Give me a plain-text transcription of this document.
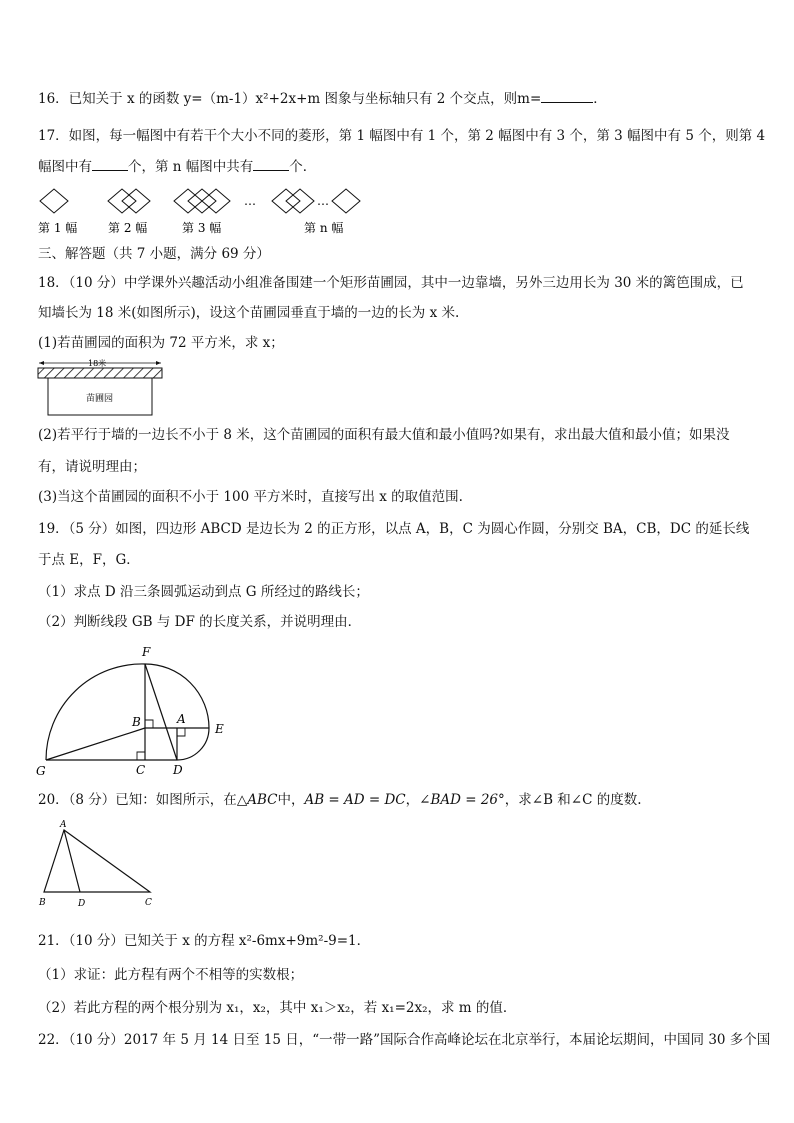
16．已知关于 x 的函数 y=（m-1）x²+2x+m 图象与坐标轴只有 2 个交点，则m=	．
17．如图，每一幅图中有若干个大小不同的菱形，第 1 幅图中有 1 个，第 2 幅图中有 3 个，第 3 幅图中有 5 个，则第 4
幅图中有	个，第 n 幅图中共有	个．
第 1 幅	第 2 幅	第 3 幅	第 n 幅
…	…
三、解答题（共 7 小题，满分 69 分）
18．（10 分）中学课外兴趣活动小组准备围建一个矩形苗圃园，其中一边靠墙，另外三边用长为 30 米的篱笆围成，已
知墙长为 18 米(如图所示)，设这个苗圃园垂直于墙的一边的长为 x 米.
(1)若苗圃园的面积为 72 平方米，求 x；
18米
苗圃园
(2)若平行于墙的一边长不小于 8 米，这个苗圃园的面积有最大值和最小值吗?如果有，求出最大值和最小值；如果没
有，请说明理由；
(3)当这个苗圃园的面积不小于 100 平方米时，直接写出 x 的取值范围.
19．（5 分）如图，四边形 ABCD 是边长为 2 的正方形，以点 A，B，C 为圆心作圆，分别交 BA，CB，DC 的延长线
于点 E，F，G．
（1）求点 D 沿三条圆弧运动到点 G 所经过的路线长；
（2）判断线段 GB 与 DF 的长度关系，并说明理由．
F
B	A
E
G	C D
20．（8 分）已知：如图所示，在△ABC中，AB = AD = DC，∠BAD = 26°，求∠B 和∠C 的度数.
A
B	D	C
21．（10 分）已知关于 x 的方程 x²-6mx+9m²-9=1．
（1）求证：此方程有两个不相等的实数根；
（2）若此方程的两个根分别为 x₁，x₂，其中 x₁＞x₂，若 x₁=2x₂，求 m 的值．
22．（10 分）2017 年 5 月 14 日至 15 日，“一带一路”国际合作高峰论坛在北京举行，本届论坛期间，中国同 30 多个国
